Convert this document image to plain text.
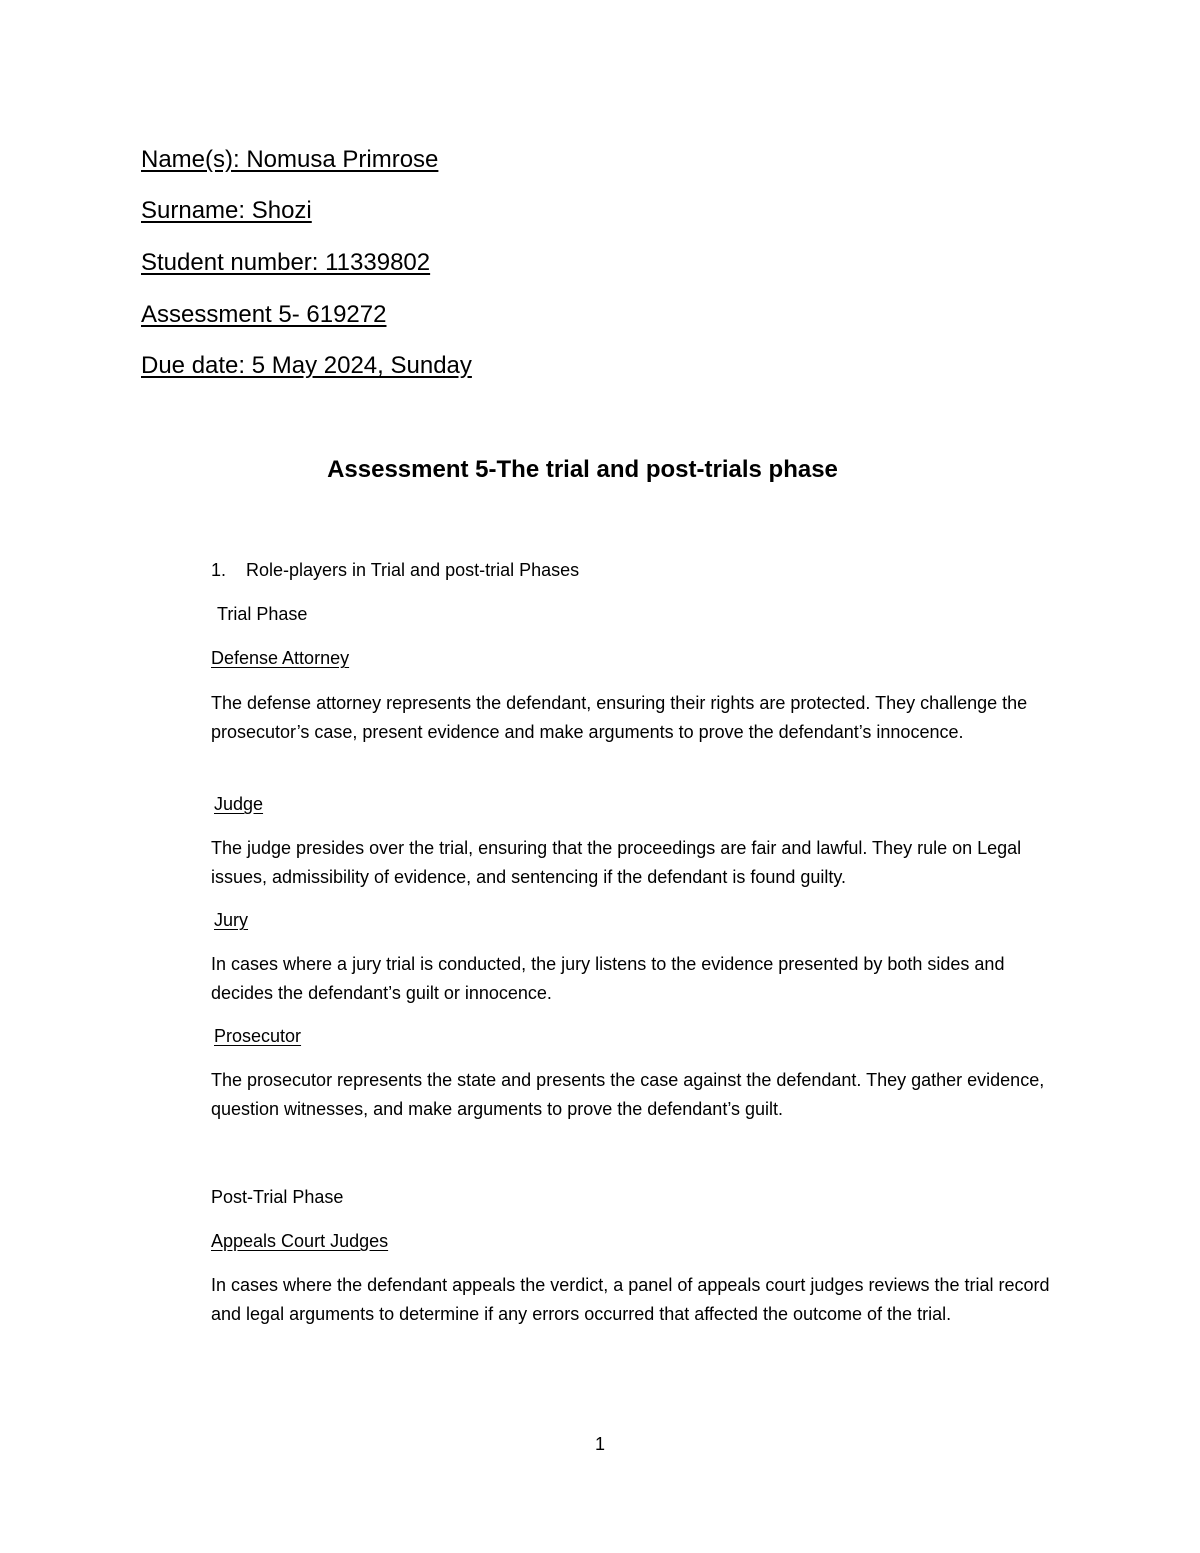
Name(s): Nomusa Primrose
Surname: Shozi
Student number: 11339802
Assessment 5- 619272
Due date: 5 May 2024, Sunday
Assessment 5-The trial and post-trials phase
1. Role-players in Trial and post-trial Phases
Trial Phase
Defense Attorney
The defense attorney represents the defendant, ensuring their rights are protected. They challenge the prosecutor’s case, present evidence and make arguments to prove the defendant’s innocence.
Judge
The judge presides over the trial, ensuring that the proceedings are fair and lawful. They rule on Legal issues, admissibility of evidence, and sentencing if the defendant is found guilty.
Jury
In cases where a jury trial is conducted, the jury listens to the evidence presented by both sides and decides the defendant’s guilt or innocence.
Prosecutor
The prosecutor represents the state and presents the case against the defendant. They gather evidence, question witnesses, and make arguments to prove the defendant’s guilt.
Post-Trial Phase
Appeals Court Judges
In cases where the defendant appeals the verdict, a panel of appeals court judges reviews the trial record and legal arguments to determine if any errors occurred that affected the outcome of the trial.
1
